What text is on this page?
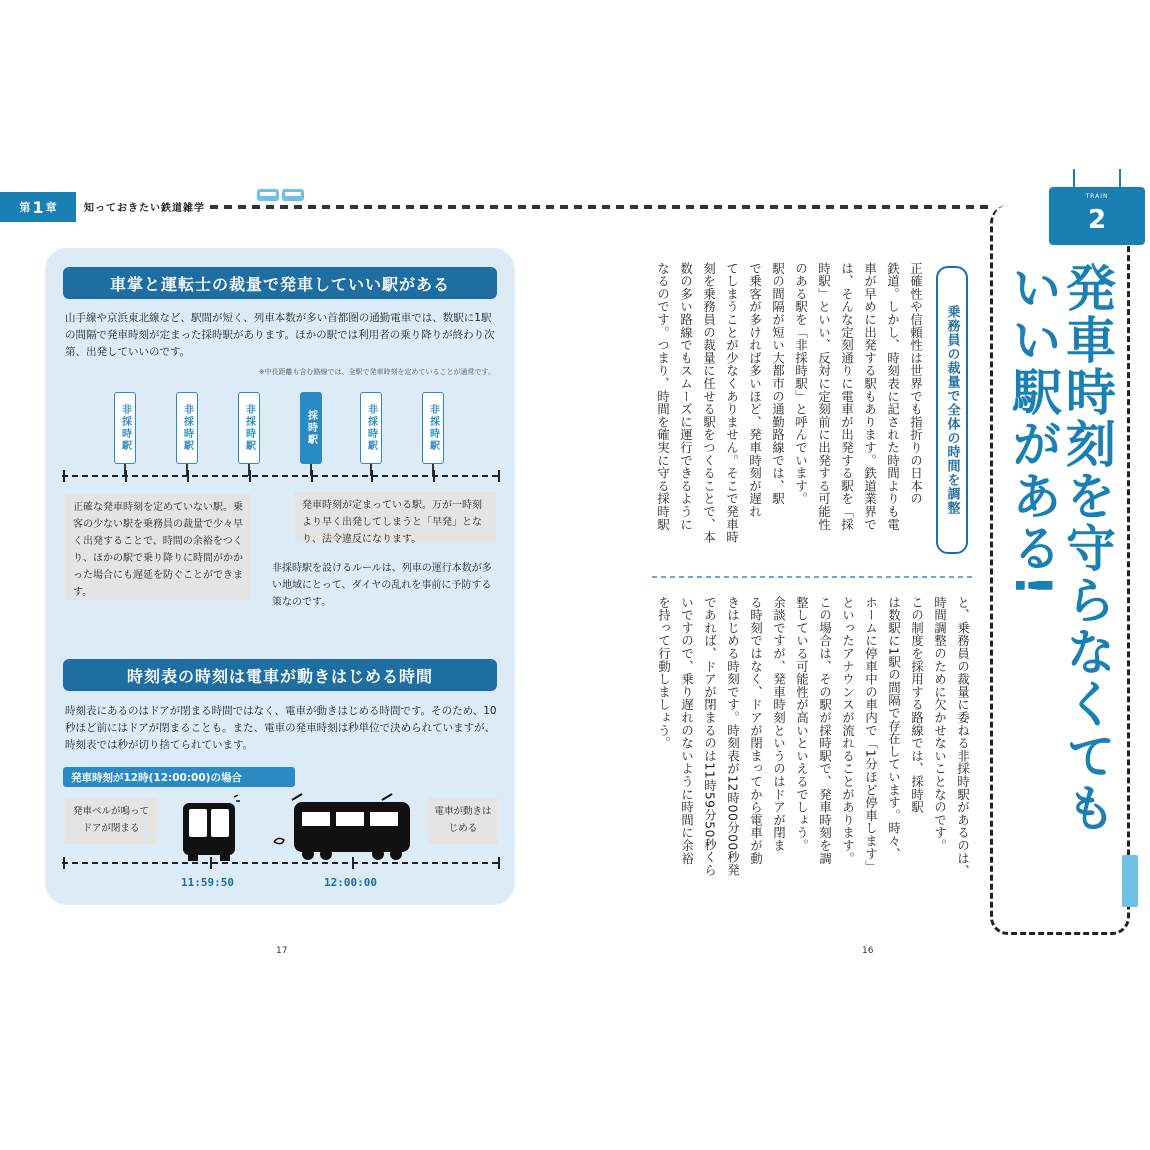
第 1 章	知っておきたい鉄道雑学
車掌と運転士の裁量で発車していい駅がある
山手線や京浜東北線など、駅間が短く、列車本数が多い首都圏の通勤電車では、数駅に1駅の間隔で発車時刻が定まった採時駅があります。ほかの駅では利用者の乗り降りが終わり次第、出発していいのです。
※中長距離も含む路線では、全駅で発車時刻を定めていることが通常です。
非採時駅	非採時駅	非採時駅	採時駅	非採時駅	非採時駅
正確な発車時刻を定めていない駅。乗客の少ない駅を乗務員の裁量で少々早く出発することで、時間の余裕をつくり、ほかの駅で乗り降りに時間がかかった場合にも遅延を防ぐことができます。
発車時刻が定まっている駅。万が一時刻より早く出発してしまうと「早発」となり、法令違反になります。
非採時駅を設けるルールは、列車の運行本数が多い地域にとって、ダイヤの乱れを事前に予防する策なのです。
時刻表の時刻は電車が動きはじめる時間
時刻表にあるのはドアが閉まる時間ではなく、電車が動きはじめる時間です。そのため、10秒ほど前にはドアが閉まることも。また、電車の発車時刻は秒単位で決められていますが、時刻表では秒が切り捨てられています。
発車時刻が12時(12:00:00)の場合
発車ベルが鳴ってドアが閉まる
電車が動きはじめる
11:59:50	12:00:00
17
TRAIN
2
発車時刻を守らなくても
いい駅がある!
乗務員の裁量で全体の時間を調整
正確性や信頼性は世界でも指折りの日本の
鉄道。しかし、時刻表に記された時間よりも電
車が早めに出発する駅もあります。鉄道業界で
は、そんな定刻通りに電車が出発する駅を「採
時駅」といい、反対に定刻前に出発する可能性
のある駅を「非採時駅」と呼んでいます。
駅の間隔が短い大都市の通勤路線では、駅
で乗客が多ければ多いほど、発車時刻が遅れ
てしまうことが少なくありません。そこで発車時
刻を乗務員の裁量に任せる駅をつくることで、本
数の多い路線でもスムーズに運行できるように
なるのです。つまり、時間を確実に守る採時駅
と、乗務員の裁量に委ねる非採時駅があるのは、
時間調整のために欠かせないことなのです。
この制度を採用する路線では、採時駅
は数駅に1駅の間隔で存在しています。時々、
ホームに停車中の車内で「1分ほど停車します」
といったアナウンスが流れることがあります。
この場合は、その駅が採時駅で、発車時刻を調
整している可能性が高いといえるでしょう。
余談ですが、発車時刻というのはドアが閉ま
る時刻ではなく、ドアが閉まってから電車が動
きはじめる時刻です。時刻表が12時00分00秒発
であれば、ドアが閉まるのは11時59分50秒くら
いですので、乗り遅れのないように時間に余裕
を持って行動しましょう。
16
